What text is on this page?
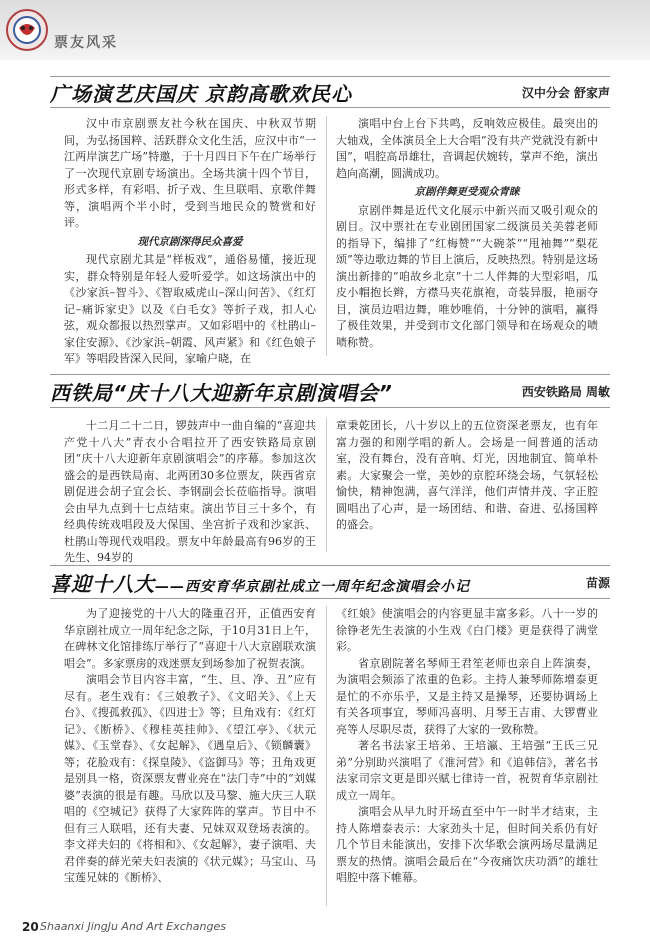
票友风采
广场演艺庆国庆 京韵高歌欢民心	汉中分会 舒家声

汉中市京剧票友社今秋在国庆、中秋双节期间，为弘扬国粹、活跃群众文化生活，应汉中市“一江两岸演艺广场”特邀，于十月四日下午在广场举行了一次现代京剧专场演出。全场共演十四个节目，形式多样，有彩唱、折子戏、生旦联唱、京歌伴舞等，演唱两个半小时，受到当地民众的赞赏和好评。

现代京剧深得民众喜爱

现代京剧尤其是“样板戏”，通俗易懂，接近现实，群众特别是年轻人爱听爱学。如这场演出中的《沙家浜–智斗》、《智取威虎山–深山问苦》、《红灯记–痛诉家史》以及《白毛女》等折子戏，扣人心弦，观众都报以热烈掌声。又如彩唱中的《杜鹃山–家住安源》、《沙家浜–朝霞、风声紧》和《红色娘子军》等唱段皆深入民间，家喻户晓，在

演唱中台上台下共鸣，反响效应极佳。最突出的大轴戏，全体演员全上大合唱“没有共产党就没有新中国”，唱腔高昂雄壮，音调起伏婉转，掌声不绝，演出趋向高潮，圆满成功。

京剧伴舞更受观众青睐

京剧伴舞是近代文化展示中新兴而又吸引观众的剧目。汉中票社在专业剧团国家二级演员关美蓉老师的指导下，编排了“红梅赞”“大碗茶”“甩袖舞”“梨花颂”等边歌边舞的节目上演后，反映热烈。特别是这场演出新排的“咱故乡北京”十二人伴舞的大型彩唱，瓜皮小帽抱长辫，方襟马夹花旗袍，奇装异服，艳丽夺目，演员边唱边舞，唯妙唯俏，十分钟的演唱，赢得了极佳效果，并受到市文化部门领导和在场观众的啧啧称赞。

西铁局“庆十八大迎新年京剧演唱会”	西安铁路局 周敏

十二月二十二日，锣鼓声中一曲自编的“喜迎共产党十八大”青衣小合唱拉开了西安铁路局京剧团“庆十八大迎新年京剧演唱会”的序幕。参加这次盛会的是西铁局南、北两团30多位票友，陕西省京剧促进会胡子宜会长、李钢副会长莅临指导。演唱会由早九点到十七点结束。演出节目三十多个，有经典传统戏唱段及大保国、坐宫折子戏和沙家浜、杜鹃山等现代戏唱段。票友中年龄最高有96岁的王先生、94岁的

章秉乾团长，八十岁以上的五位资深老票友，也有年富力强的和刚学唱的新人。会场是一间普通的活动室，没有舞台，没有音响、灯光，因地制宜、简单朴素。大家聚会一堂，美妙的京腔环绕会场，气氛轻松愉快，精神饱满，喜气洋洋，他们声情并茂、字正腔圆唱出了心声，是一场团结、和谐、奋进、弘扬国粹的盛会。

喜迎十八大——西安育华京剧社成立一周年纪念演唱会小记	苗源

为了迎接党的十八大的隆重召开，正值西安育华京剧社成立一周年纪念之际，于10月31日上午，在碑林文化馆排练厅举行了“喜迎十八大京剧联欢演唱会”。多家票房的戏迷票友到场参加了祝贺表演。

演唱会节目内容丰富，“生、旦、净、丑”应有尽有。老生戏有：《三娘教子》、《文昭关》、《上天台》、《搜孤救孤》、《四进士》等；旦角戏有：《红灯记》、《断桥》、《穆桂英挂帅》、《望江亭》、《状元媒》、《玉堂春》、《女起解》、《遇皇后》、《锁麟囊》等；花脸戏有：《探皇陵》、《盗御马》等；丑角戏更是别具一格，资深票友曹业亮在“法门寺”中的“刘媒婆”表演的很是有趣。马欣以及马黎、施大庆三人联唱的《空城记》获得了大家阵阵的掌声。节目中不但有三人联唱，还有夫妻、兄妹双双登场表演的。李文祥夫妇的《将相和》、《女起解》，妻子演唱、夫君伴奏的薛光荣夫妇表演的《状元媒》；马宝山、马宝莲兄妹的《断桥》、

《红娘》使演唱会的内容更显丰富多彩。八十一岁的徐铮老先生表演的小生戏《白门楼》更是获得了满堂彩。

省京剧院著名琴师王君笙老师也亲自上阵演奏，为演唱会频添了浓重的色彩。主持人兼琴师陈增泰更是忙的不亦乐乎，又是主持又是操琴，还要协调场上有关各项事宜，琴师冯喜明、月琴王吉甫、大锣曹业亮等人尽职尽责，获得了大家的一致称赞。

著名书法家王培弟、王培瀛、王培强“王氏三兄弟”分别助兴演唱了《淮河营》和《追韩信》，著名书法家司宗文更是即兴赋七律诗一首，祝贺育华京剧社成立一周年。

演唱会从早九时开场直至中午一时半才结束，主持人陈增泰表示：大家劲头十足，但时间关系仍有好几个节目未能演出，安排下次华歌会演两场尽量满足票友的热情。演唱会最后在“今夜痛饮庆功酒”的雄壮唱腔中落下帷幕。

20 Shaanxi JingJu And Art Exchanges
